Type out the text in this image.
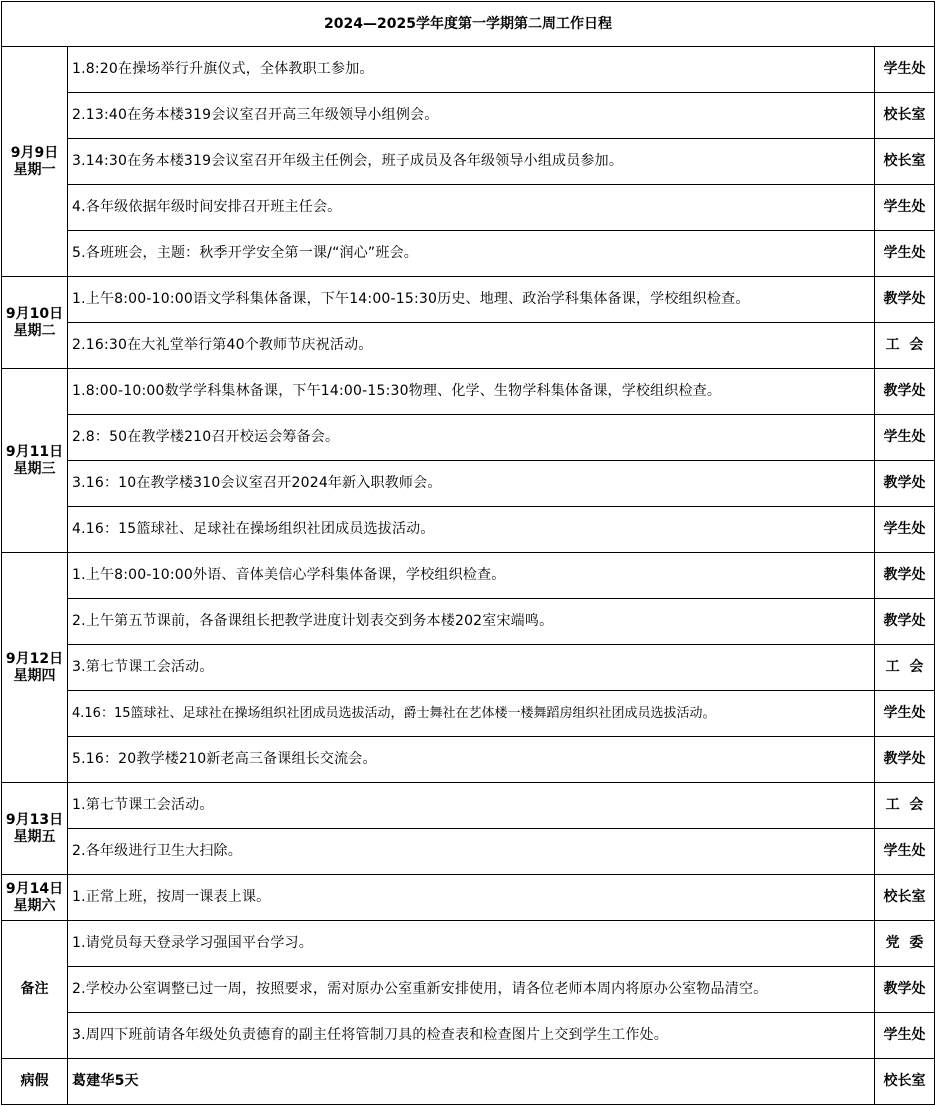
2024—2025学年度第一学期第二周工作日程		

9月9日
星期一	1.8:20在操场举行升旗仪式，全体教职工参加。	学生处
	2.13:40在务本楼319会议室召开高三年级领导小组例会。	校长室
	3.14:30在务本楼319会议室召开年级主任例会，班子成员及各年级领导小组成员参加。	校长室
	4.各年级依据年级时间安排召开班主任会。	学生处
	5.各班班会，主题：秋季开学安全第一课/“润心”班会。	学生处

9月10日
星期二	1.上午8:00-10:00语文学科集体备课，下午14:00-15:30历史、地理、政治学科集体备课，学校组织检查。	教学处
	2.16:30在大礼堂举行第40个教师节庆祝活动。	工  会

9月11日
星期三	1.8:00-10:00数学学科集林备课，下午14:00-15:30物理、化学、生物学科集体备课，学校组织检查。	教学处
	2.8：50在教学楼210召开校运会筹备会。	学生处
	3.16：10在教学楼310会议室召开2024年新入职教师会。	教学处
	4.16：15篮球社、足球社在操场组织社团成员选拔活动。	学生处

9月12日
星期四	1.上午8:00-10:00外语、音体美信心学科集体备课，学校组织检查。	教学处
	2.上午第五节课前，各备课组长把教学进度计划表交到务本楼202室宋端鸣。	教学处
	3.第七节课工会活动。	工  会
	4.16：15篮球社、足球社在操场组织社团成员选拔活动，爵士舞社在艺体楼一楼舞蹈房组织社团成员选拔活动。	学生处
	5.16：20教学楼210新老高三备课组长交流会。	教学处

9月13日
星期五	1.第七节课工会活动。	工  会
	2.各年级进行卫生大扫除。	学生处

9月14日
星期六	1.正常上班，按周一课表上课。	校长室
备注	1.请党员每天登录学习强国平台学习。	党  委
	2.学校办公室调整已过一周，按照要求，需对原办公室重新安排使用，请各位老师本周内将原办公室物品清空。	教学处
	3.周四下班前请各年级处负责德育的副主任将管制刀具的检查表和检查图片上交到学生工作处。	学生处
病假	葛建华5天	校长室
